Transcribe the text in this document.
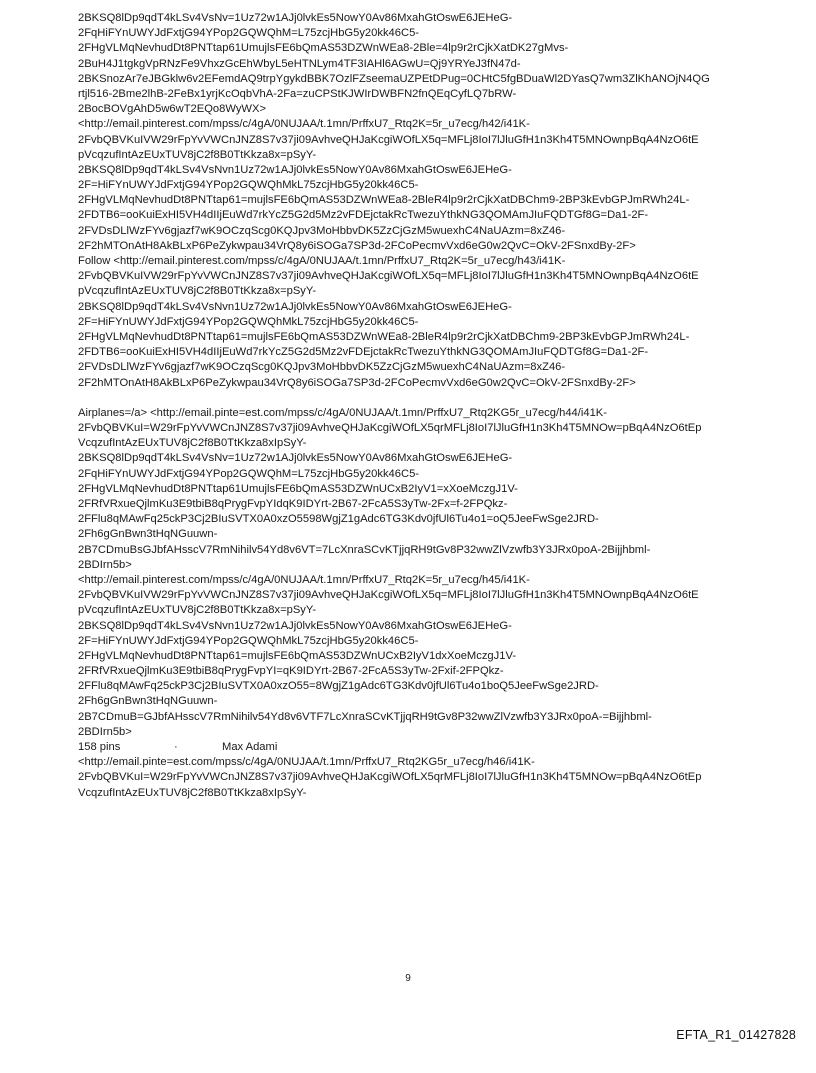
2BKSQ8lDp9qdT4kLSv4VsNv=1Uz72w1AJj0lvkEs5NowY0Av86MxahGtOswE6JEHeG-
2FqHiFYnUWYJdFxtjG94YPop2GQWQhM=L75zcjHbG5y20kk46C5-
2FHgVLMqNevhudDt8PNTtap61UmujlsFE6bQmAS53DZWnWEa8-2Ble=4lp9r2rCjkXatDK27gMvs-
2BuH4J1tgkgVpRNzFe9VhxzGcEhWbyL5eHTNLym4TF3IAHl6AGwU=Qj9YRYeJ3fN47d-
2BKSnozAr7eJBGklw6v2EFemdAQ9trpYgykdBBK7OzlFZseemaUZPEtDPug=0CHtC5fgBDuaWl2DYasQ7wm3ZlKhANOjN4QG
rtjl516-2Bme2lhB-2FeBx1yrjKcOqbVhA-2Fa=zuCPStKJWIrDWBFN2fnQEqCyfLQ7bRW-
2BocBOVgAhD5w6wT2EQo8WyWX>
<http://email.pinterest.com/mpss/c/4gA/0NUJAA/t.1mn/PrffxU7_Rtq2K=5r_u7ecg/h42/i41K-
2FvbQBVKuIVW29rFpYvVWCnJNZ8S7v37ji09AvhveQHJaKcgiWOfLX5q=MFLj8IoI7lJluGfH1n3Kh4T5MNOwnpBqA4NzO6tE
pVcqzufIntAzEUxTUV8jC2f8B0TtKkza8x=pSyY-
2BKSQ8lDp9qdT4kLSv4VsNvn1Uz72w1AJj0lvkEs5NowY0Av86MxahGtOswE6JEHeG-
2F=HiFYnUWYJdFxtjG94YPop2GQWQhMkL75zcjHbG5y20kk46C5-
2FHgVLMqNevhudDt8PNTtap61=mujlsFE6bQmAS53DZWnWEa8-2BleR4lp9r2rCjkXatDBChm9-2BP3kEvbGPJmRWh24L-
2FDTB6=ooKuiExHI5VH4dIIjEuWd7rkYcZ5G2d5Mz2vFDEjctakRcTwezuYthkNG3QOMAmJIuFQDTGf8G=Da1-2F-
2FVDsDLlWzFYv6gjazf7wK9OCzqScg0KQJpv3MoHbbvDK5ZzCjGzM5wuexhC4NaUAzm=8xZ46-
2F2hMTOnAtH8AkBLxP6PeZykwpau34VrQ8y6iSOGa7SP3d-2FCoPecmvVxd6eG0w2QvC=OkV-2FSnxdBy-2F>
Follow <http://email.pinterest.com/mpss/c/4gA/0NUJAA/t.1mn/PrffxU7_Rtq2K=5r_u7ecg/h43/i41K-
2FvbQBVKuIVW29rFpYvVWCnJNZ8S7v37ji09AvhveQHJaKcgiWOfLX5q=MFLj8IoI7lJluGfH1n3Kh4T5MNOwnpBqA4NzO6tE
pVcqzufIntAzEUxTUV8jC2f8B0TtKkza8x=pSyY-
2BKSQ8lDp9qdT4kLSv4VsNvn1Uz72w1AJj0lvkEs5NowY0Av86MxahGtOswE6JEHeG-
2F=HiFYnUWYJdFxtjG94YPop2GQWQhMkL75zcjHbG5y20kk46C5-
2FHgVLMqNevhudDt8PNTtap61=mujlsFE6bQmAS53DZWnWEa8-2BleR4lp9r2rCjkXatDBChm9-2BP3kEvbGPJmRWh24L-
2FDTB6=ooKuiExHI5VH4dIIjEuWd7rkYcZ5G2d5Mz2vFDEjctakRcTwezuYthkNG3QOMAmJIuFQDTGf8G=Da1-2F-
2FVDsDLlWzFYv6gjazf7wK9OCzqScg0KQJpv3MoHbbvDK5ZzCjGzM5wuexhC4NaUAzm=8xZ46-
2F2hMTOnAtH8AkBLxP6PeZykwpau34VrQ8y6iSOGa7SP3d-2FCoPecmvVxd6eG0w2QvC=OkV-2FSnxdBy-2F>
Airplanes=/a> <http://email.pinte=est.com/mpss/c/4gA/0NUJAA/t.1mn/PrffxU7_Rtq2KG5r_u7ecg/h44/i41K-
2FvbQBVKuI=W29rFpYvVWCnJNZ8S7v37ji09AvhveQHJaKcgiWOfLX5qrMFLj8IoI7lJluGfH1n3Kh4T5MNOw=pBqA4NzO6tEp
VcqzufIntAzEUxTUV8jC2f8B0TtKkza8xIpSyY-
2BKSQ8lDp9qdT4kLSv4VsNv=1Uz72w1AJj0lvkEs5NowY0Av86MxahGtOswE6JEHeG-
2FqHiFYnUWYJdFxtjG94YPop2GQWQhM=L75zcjHbG5y20kk46C5-
2FHgVLMqNevhudDt8PNTtap61UmujlsFE6bQmAS53DZWnUCxB2IyV1=xXoeMczgJ1V-
2FRfVRxueQjlmKu3E9tbiB8qPrygFvpYIdqK9IDYrt-2B67-2FcA5S3yTw-2Fx=f-2FPQkz-
2FFlu8qMAwFq25ckP3Cj2BIuSVTX0A0xzO5598WgjZ1gAdc6TG3Kdv0jfUl6Tu4o1=oQ5JeeFwSge2JRD-
2Fh6gGnBwn3tHqNGuuwn-
2B7CDmuBsGJbfAHsscV7RmNihilv54Yd8v6VT=7LcXnraSCvKTjjqRH9tGv8P32wwZlVzwfb3Y3JRx0poA-2Bijjhbml-
2BDIrn5b>
<http://email.pinterest.com/mpss/c/4gA/0NUJAA/t.1mn/PrffxU7_Rtq2K=5r_u7ecg/h45/i41K-
2FvbQBVKuIVW29rFpYvVWCnJNZ8S7v37ji09AvhveQHJaKcgiWOfLX5q=MFLj8IoI7lJluGfH1n3Kh4T5MNOwnpBqA4NzO6tE
pVcqzufIntAzEUxTUV8jC2f8B0TtKkza8x=pSyY-
2BKSQ8lDp9qdT4kLSv4VsNvn1Uz72w1AJj0lvkEs5NowY0Av86MxahGtOswE6JEHeG-
2F=HiFYnUWYJdFxtjG94YPop2GQWQhMkL75zcjHbG5y20kk46C5-
2FHgVLMqNevhudDt8PNTtap61=mujlsFE6bQmAS53DZWnUCxB2IyV1dxXoeMczgJ1V-
2FRfVRxueQjlmKu3E9tbiB8qPrygFvpYI=qK9IDYrt-2B67-2FcA5S3yTw-2Fxif-2FPQkz-
2FFlu8qMAwFq25ckP3Cj2BIuSVTX0A0xzO55=8WgjZ1gAdc6TG3Kdv0jfUl6Tu4o1boQ5JeeFwSge2JRD-
2Fh6gGnBwn3tHqNGuuwn-
2B7CDmuB=GJbfAHsscV7RmNihilv54Yd8v6VTF7LcXnraSCvKTjjqRH9tGv8P32wwZlVzwfb3Y3JRx0poA-=Bijjhbml-
2BDIrn5b>
158 pins	·	Max Adami
<http://email.pinte=est.com/mpss/c/4gA/0NUJAA/t.1mn/PrffxU7_Rtq2KG5r_u7ecg/h46/i41K-
2FvbQBVKuI=W29rFpYvVWCnJNZ8S7v37ji09AvhveQHJaKcgiWOfLX5qrMFLj8IoI7lJluGfH1n3Kh4T5MNOw=pBqA4NzO6tEp
VcqzufIntAzEUxTUV8jC2f8B0TtKkza8xIpSyY-
9
EFTA_R1_01427828
